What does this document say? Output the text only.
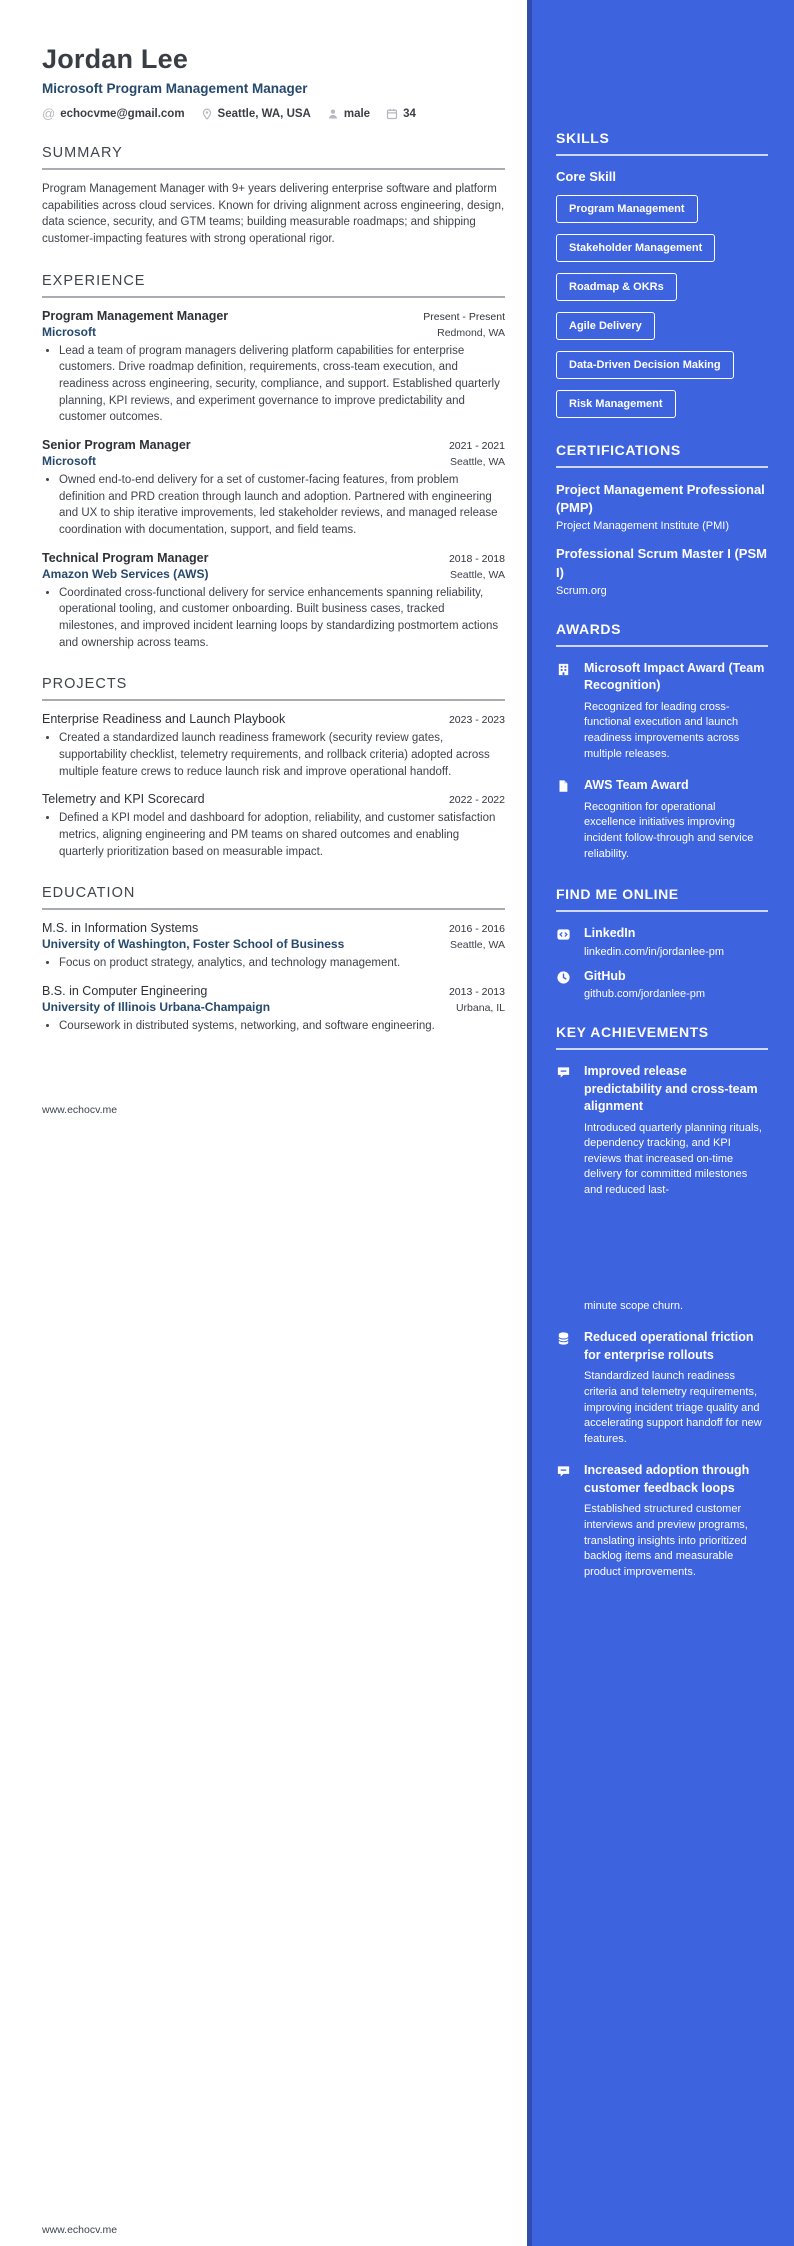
Jordan Lee
Microsoft Program Management Manager
@ echocvme@gmail.com	Seattle, WA, USA	male	34
SUMMARY

Program Management Manager with 9+ years delivering enterprise software and platform capabilities across cloud services. Known for driving alignment across engineering, design, data science, security, and GTM teams; building measurable roadmaps; and shipping customer-impacting features with strong operational rigor.

EXPERIENCE
Program Management Manager	Present - Present
Microsoft	Redmond, WA
• Lead a team of program managers delivering platform capabilities for enterprise customers. Drive roadmap definition, requirements, cross-team execution, and readiness across engineering, security, compliance, and support. Established quarterly planning, KPI reviews, and experiment governance to improve predictability and customer outcomes.
Senior Program Manager	2021 - 2021
Microsoft	Seattle, WA
• Owned end-to-end delivery for a set of customer-facing features, from problem definition and PRD creation through launch and adoption. Partnered with engineering and UX to ship iterative improvements, led stakeholder reviews, and managed release coordination with documentation, support, and field teams.
Technical Program Manager	2018 - 2018
Amazon Web Services (AWS)	Seattle, WA
• Coordinated cross-functional delivery for service enhancements spanning reliability, operational tooling, and customer onboarding. Built business cases, tracked milestones, and improved incident learning loops by standardizing postmortem actions and ownership across teams.
PROJECTS
Enterprise Readiness and Launch Playbook	2023 - 2023
• Created a standardized launch readiness framework (security review gates, supportability checklist, telemetry requirements, and rollback criteria) adopted across multiple feature crews to reduce launch risk and improve operational handoff.
Telemetry and KPI Scorecard	2022 - 2022
• Defined a KPI model and dashboard for adoption, reliability, and customer satisfaction metrics, aligning engineering and PM teams on shared outcomes and enabling quarterly prioritization based on measurable impact.
EDUCATION
M.S. in Information Systems	2016 - 2016
University of Washington, Foster School of Business	Seattle, WA
• Focus on product strategy, analytics, and technology management.
B.S. in Computer Engineering	2013 - 2013
University of Illinois Urbana-Champaign	Urbana, IL
• Coursework in distributed systems, networking, and software engineering.
SKILLS
Core Skill
Program Management
Stakeholder Management
Roadmap & OKRs
Agile Delivery
Data-Driven Decision Making
Risk Management
CERTIFICATIONS
Project Management Professional (PMP)
Project Management Institute (PMI)
Professional Scrum Master I (PSM I)
Scrum.org
AWARDS
Microsoft Impact Award (Team Recognition)
Recognized for leading cross-functional execution and launch readiness improvements across multiple releases.
AWS Team Award
Recognition for operational excellence initiatives improving incident follow-through and service reliability.
FIND ME ONLINE
LinkedIn
linkedin.com/in/jordanlee-pm
GitHub
github.com/jordanlee-pm
KEY ACHIEVEMENTS
Improved release predictability and cross-team alignment
Introduced quarterly planning rituals, dependency tracking, and KPI reviews that increased on-time delivery for committed milestones and reduced last-
minute scope churn.
Reduced operational friction for enterprise rollouts
Standardized launch readiness criteria and telemetry requirements, improving incident triage quality and accelerating support handoff for new features.
Increased adoption through customer feedback loops
Established structured customer interviews and preview programs, translating insights into prioritized backlog items and measurable product improvements.
www.echocv.me
www.echocv.me
